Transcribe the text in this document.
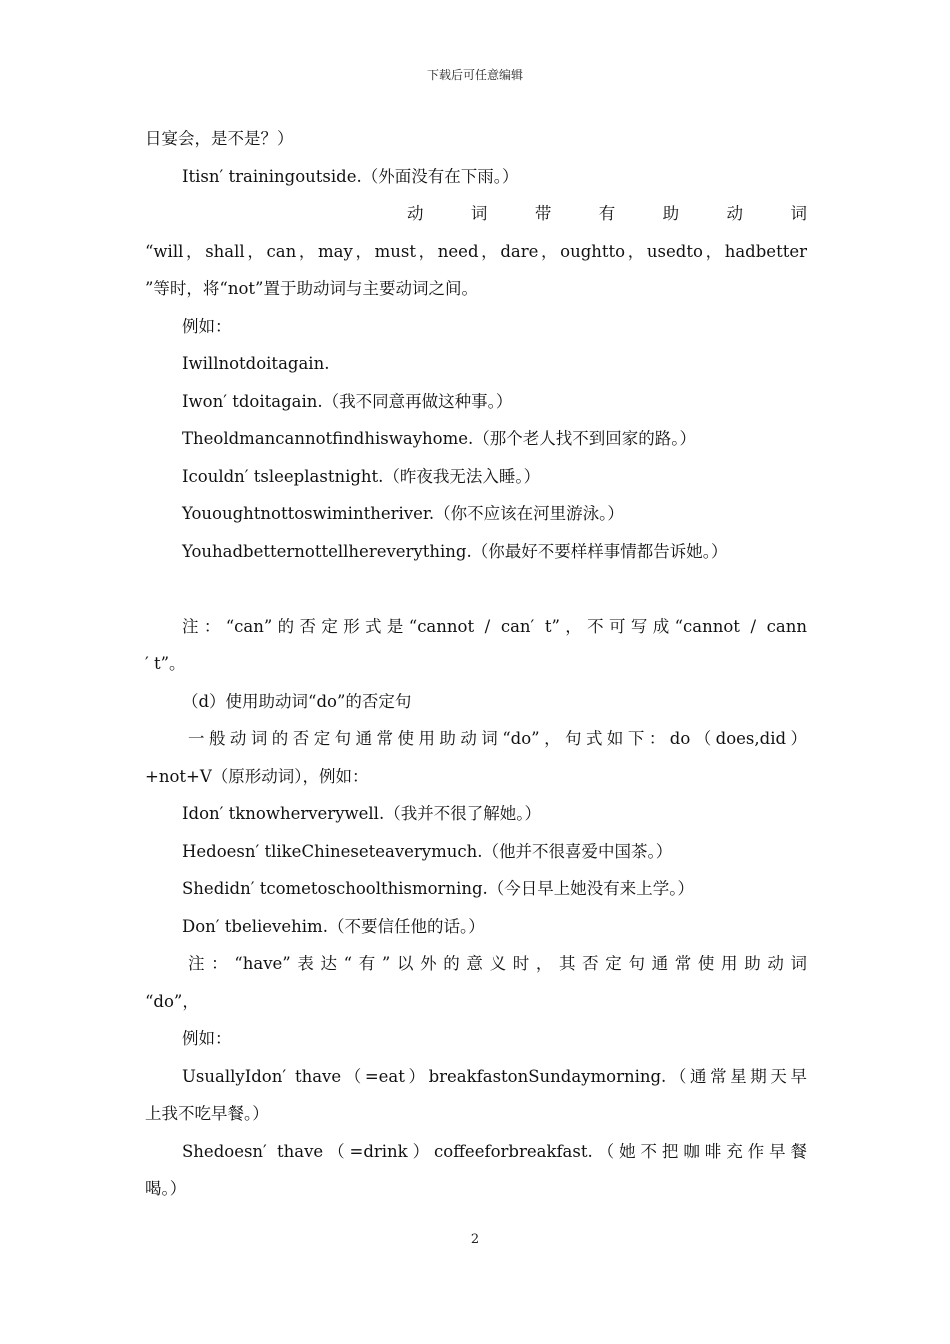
下载后可任意编辑
日宴会，是不是？）
Itisn′ trainingoutside.（外面没有在下雨。）
动	词	带	有	助	动	词
“will，shall，can，may，must，need，dare，oughtto，usedto，hadbetter
”等时，将“not”置于助动词与主要动词之间。
例如：
Iwillnotdoitagain.
Iwon′ tdoitagain.（我不同意再做这种事。）
Theoldmancannotfindhiswayhome.（那个老人找不到回家的路。）
Icouldn′ tsleeplastnight.（昨夜我无法入睡。）
Yououghtnottoswimintheriver.（你不应该在河里游泳。）
Youhadbetternottellhereverything.（你最好不要样样事情都告诉她。）
注：“can”的否定形式是“cannot / can′ t”，不可写成“cannot / cann
′ t”。
（d）使用助动词“do”的否定句
一般动词的否定句通常使用助动词“do”，句式如下：do（does,did）
+not+V（原形动词），例如：
Idon′ tknowherverywell.（我并不很了解她。）
Hedoesn′ tlikeChineseteaverymuch.（他并不很喜爱中国茶。）
Shedidn′ tcometoschoolthismorning.（今日早上她没有来上学。）
Don′ tbelievehim.（不要信任他的话。）
注：“have”表达“有”以外的意义时，其否定句通常使用助动词
“do”，
例如：
UsuallyIdon′ thave（=eat）breakfastonSundaymorning.（通常星期天早
上我不吃早餐。）
Shedoesn′ thave（=drink）coffeeforbreakfast.（她不把咖啡充作早餐
喝。）
2
